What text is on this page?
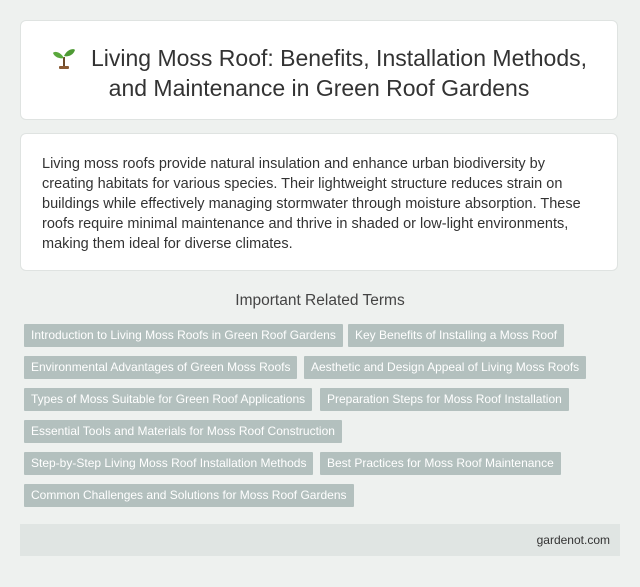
Living Moss Roof: Benefits, Installation Methods, and Maintenance in Green Roof Gardens
Living moss roofs provide natural insulation and enhance urban biodiversity by creating habitats for various species. Their lightweight structure reduces strain on buildings while effectively managing stormwater through moisture absorption. These roofs require minimal maintenance and thrive in shaded or low-light environments, making them ideal for diverse climates.
Important Related Terms
Introduction to Living Moss Roofs in Green Roof Gardens	Key Benefits of Installing a Moss Roof
Environmental Advantages of Green Moss Roofs	Aesthetic and Design Appeal of Living Moss Roofs
Types of Moss Suitable for Green Roof Applications	Preparation Steps for Moss Roof Installation
Essential Tools and Materials for Moss Roof Construction
Step-by-Step Living Moss Roof Installation Methods	Best Practices for Moss Roof Maintenance
Common Challenges and Solutions for Moss Roof Gardens
gardenot.com
